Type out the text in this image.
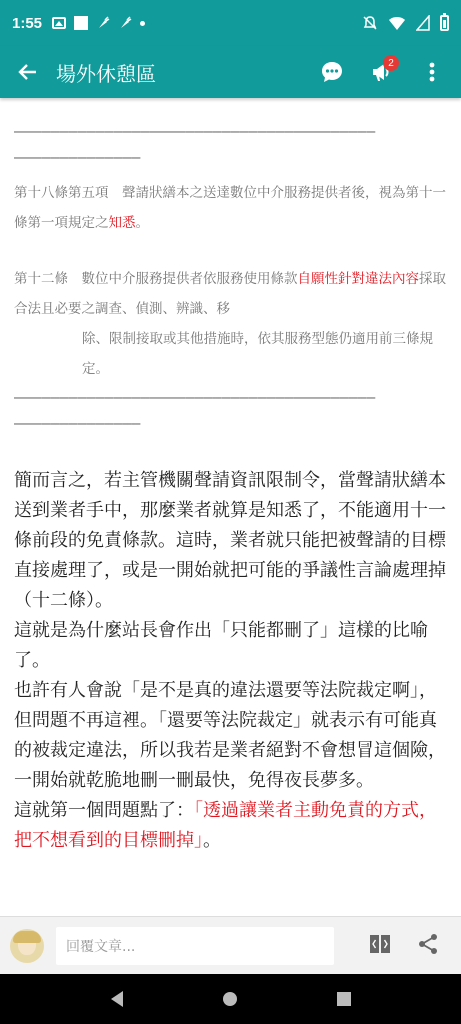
1:55
場外休憩區	2
————————————————————————————————————————
——————————————
第十八條第五項　聲請狀繕本之送達數位中介服務提供者後，視為第十一條第一項規定之知悉。
第十二條　數位中介服務提供者依服務使用條款自願性針對違法內容採取合法且必要之調查、偵測、辨識、移
除、限制接取或其他措施時，依其服務型態仍適用前三條規定。
————————————————————————————————————————
——————————————

簡而言之，若主管機關聲請資訊限制令，當聲請狀繕本送到業者手中，那麼業者就算是知悉了，不能適用十一條前段的免責條款。這時，業者就只能把被聲請的目標直接處理了，或是一開始就把可能的爭議性言論處理掉（十二條）。

這就是為什麼站長會作出「只能都刪了」這樣的比喻了。

也許有人會說「是不是真的違法還要等法院裁定啊」，但問題不再這裡。「還要等法院裁定」就表示有可能真的被裁定違法，所以我若是業者絕對不會想冒這個險，一開始就乾脆地刪一刪最快，免得夜長夢多。

這就第一個問題點了：「透過讓業者主動免責的方式，把不想看到的目標刪掉」。

回覆文章...
